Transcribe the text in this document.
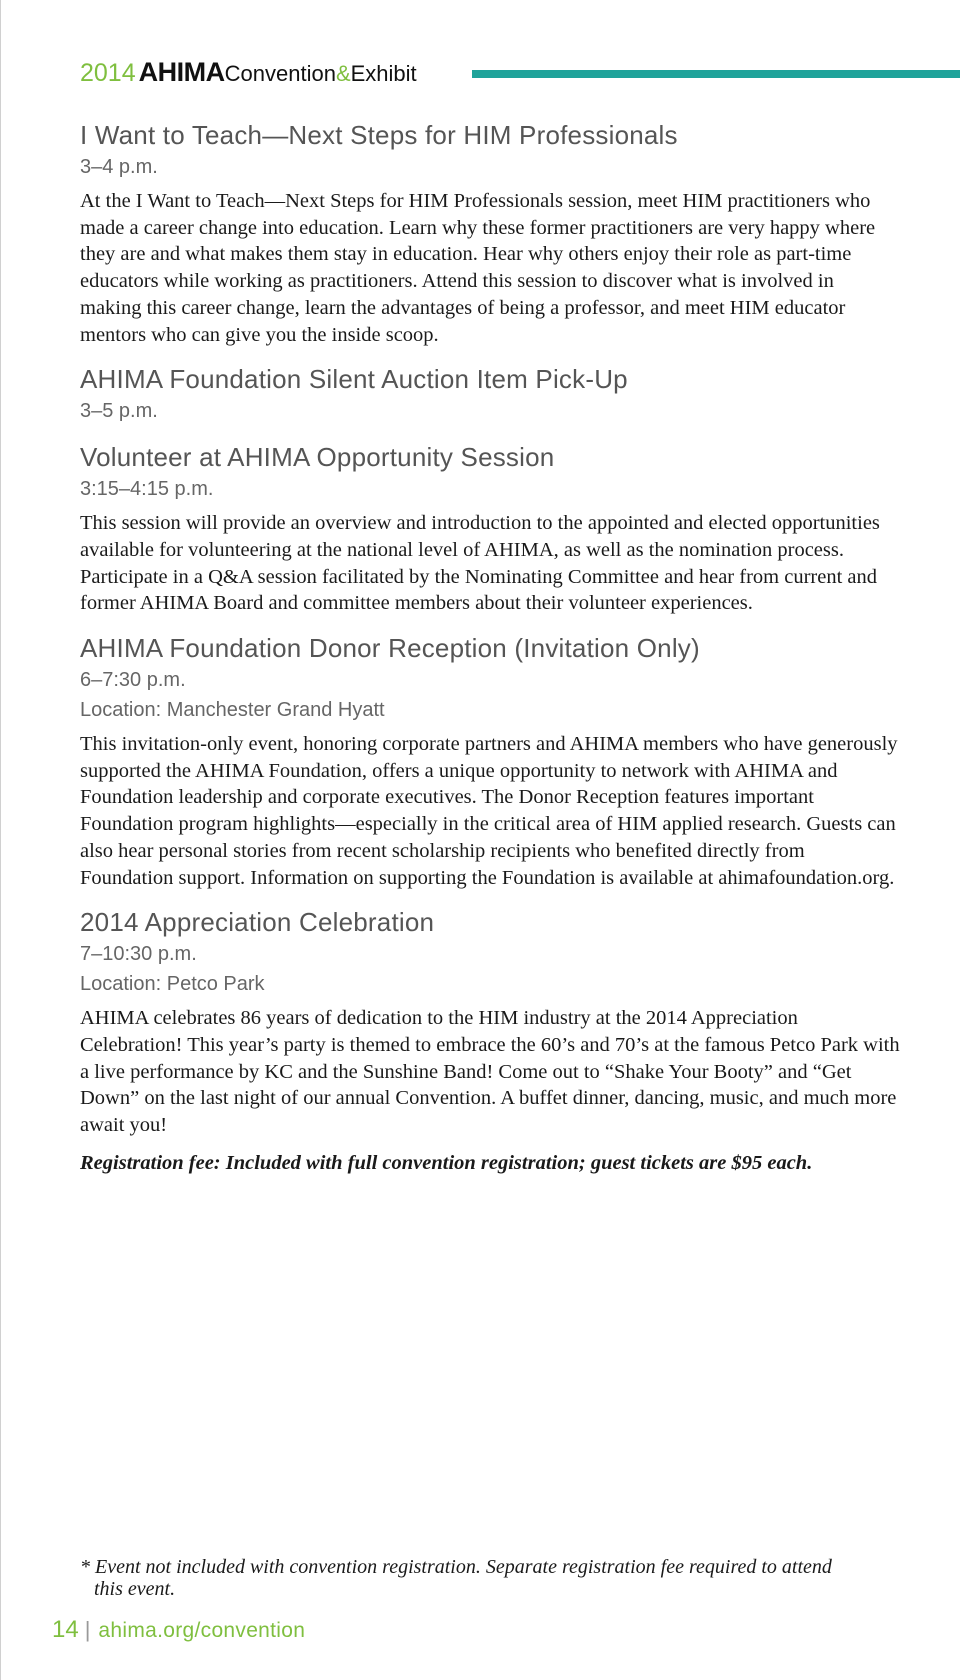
2014 AHIMAConvention&Exhibit
I Want to Teach—Next Steps for HIM Professionals

3–4 p.m.

At the I Want to Teach—Next Steps for HIM Professionals session, meet HIM practitioners who made a career change into education. Learn why these former practitioners are very happy where they are and what makes them stay in education. Hear why others enjoy their role as part-time educators while working as practitioners. Attend this session to discover what is involved in making this career change, learn the advantages of being a professor, and meet HIM educator mentors who can give you the inside scoop.

AHIMA Foundation Silent Auction Item Pick-Up

3–5 p.m.

Volunteer at AHIMA Opportunity Session

3:15–4:15 p.m.

This session will provide an overview and introduction to the appointed and elected opportunities available for volunteering at the national level of AHIMA, as well as the nomination process. Participate in a Q&A session facilitated by the Nominating Committee and hear from current and former AHIMA Board and committee members about their volunteer experiences.

AHIMA Foundation Donor Reception (Invitation Only)

6–7:30 p.m.

Location: Manchester Grand Hyatt

This invitation-only event, honoring corporate partners and AHIMA members who have generously supported the AHIMA Foundation, offers a unique opportunity to network with AHIMA and Foundation leadership and corporate executives. The Donor Reception features important Foundation program highlights—especially in the critical area of HIM applied research. Guests can also hear personal stories from recent scholarship recipients who benefited directly from Foundation support. Information on supporting the Foundation is available at ahimafoundation.org.

2014 Appreciation Celebration

7–10:30 p.m.

Location: Petco Park

AHIMA celebrates 86 years of dedication to the HIM industry at the 2014 Appreciation Celebration! This year’s party is themed to embrace the 60’s and 70’s at the famous Petco Park with a live performance by KC and the Sunshine Band! Come out to “Shake Your Booty” and “Get Down” on the last night of our annual Convention. A buffet dinner, dancing, music, and much more await you!

Registration fee: Included with full convention registration; guest tickets are $95 each.

* Event not included with convention registration. Separate registration fee required to attend this event.
14 | ahima.org/convention
